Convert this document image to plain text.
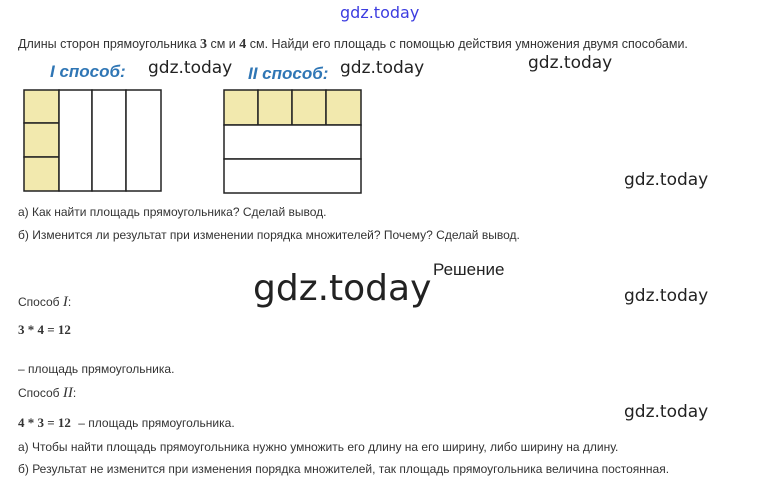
gdz.today
gdz.today	gdz.today	gdz.today
gdz.today
gdz.today	gdz.today
gdz.today
Длины сторон прямоугольника 3 см и 4 см. Найди его площадь с помощью действия умножения двумя способами.
I способ:	II способ:
а) Как найти площадь прямоугольника? Сделай вывод.
б) Изменится ли результат при изменении порядка множителей? Почему? Сделай вывод.
Решение
Способ I:
3 * 4 = 12
– площадь прямоугольника.
Способ II:
4 * 3 = 12 – площадь прямоугольника.
а) Чтобы найти площадь прямоугольника нужно умножить его длину на его ширину, либо ширину на длину.
б) Результат не изменится при изменения порядка множителей, так площадь прямоугольника величина постоянная.
